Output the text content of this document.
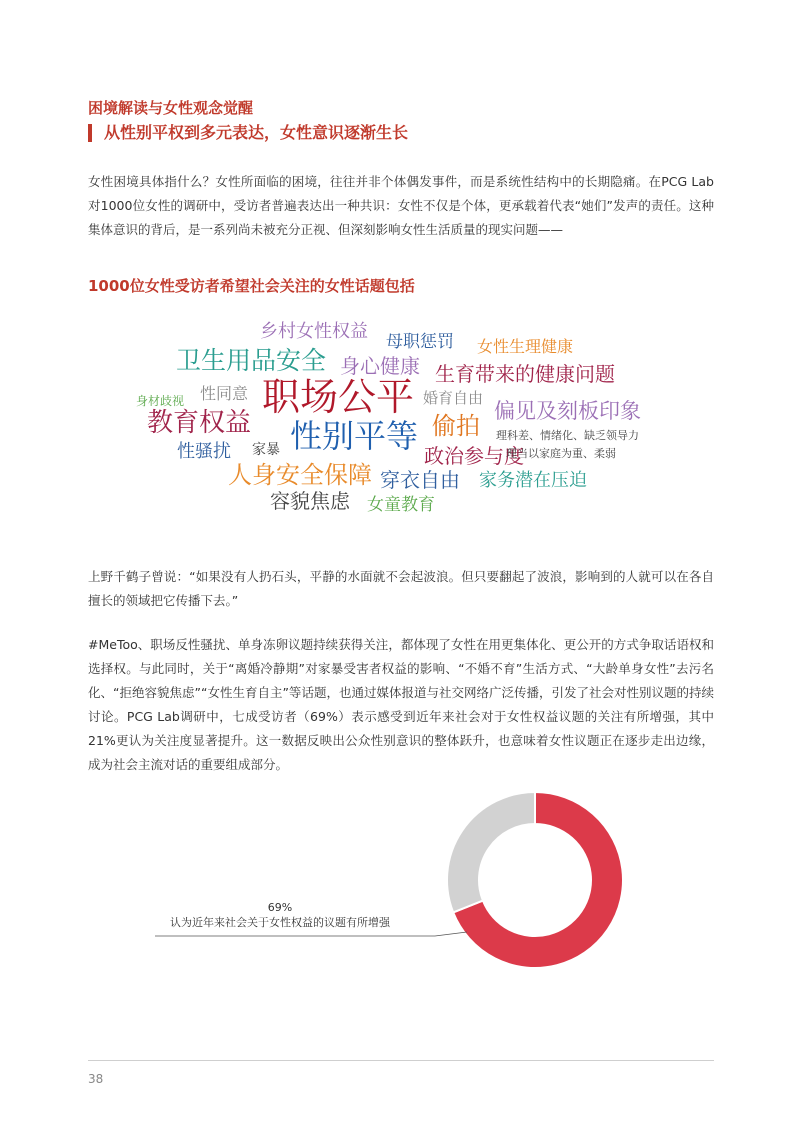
困境解读与女性观念觉醒
从性别平权到多元表达，女性意识逐渐生长

女性困境具体指什么？女性所面临的困境，往往并非个体偶发事件，而是系统性结构中的长期隐痛。在PCG Lab对1000位女性的调研中，受访者普遍表达出一种共识：女性不仅是个体，更承载着代表“她们”发声的责任。这种集体意识的背后，是一系列尚未被充分正视、但深刻影响女性生活质量的现实问题——

1000位女性受访者希望社会关注的女性话题包括
乡村女性权益 母职惩罚 女性生理健康
卫生用品安全 身心健康 生育带来的健康问题
身材歧视 性同意 职场公平 婚育自由
偏见及刻板印象
教育权益 性别平等 偷拍 理科差、情绪化、缺乏领导力
性骚扰 家暴	政治参与度
理当以家庭为重、柔弱
人身安全保障 穿衣自由 家务潜在压迫
容貌焦虑 女童教育

上野千鹤子曾说：“如果没有人扔石头，平静的水面就不会起波浪。但只要翻起了波浪，影响到的人就可以在各自擅长的领域把它传播下去。”

#MeToo、职场反性骚扰、单身冻卵议题持续获得关注，都体现了女性在用更集体化、更公开的方式争取话语权和选择权。与此同时，关于“离婚冷静期”对家暴受害者权益的影响、“不婚不育”生活方式、“大龄单身女性”去污名化、“拒绝容貌焦虑”“女性生育自主”等话题，也通过媒体报道与社交网络广泛传播，引发了社会对性别议题的持续讨论。PCG Lab调研中，七成受访者（69%）表示感受到近年来社会对于女性权益议题的关注有所增强，其中21%更认为关注度显著提升。这一数据反映出公众性别意识的整体跃升，也意味着女性议题正在逐步走出边缘，成为社会主流对话的重要组成部分。

69%
认为近年来社会关于女性权益的议题有所增强
38
